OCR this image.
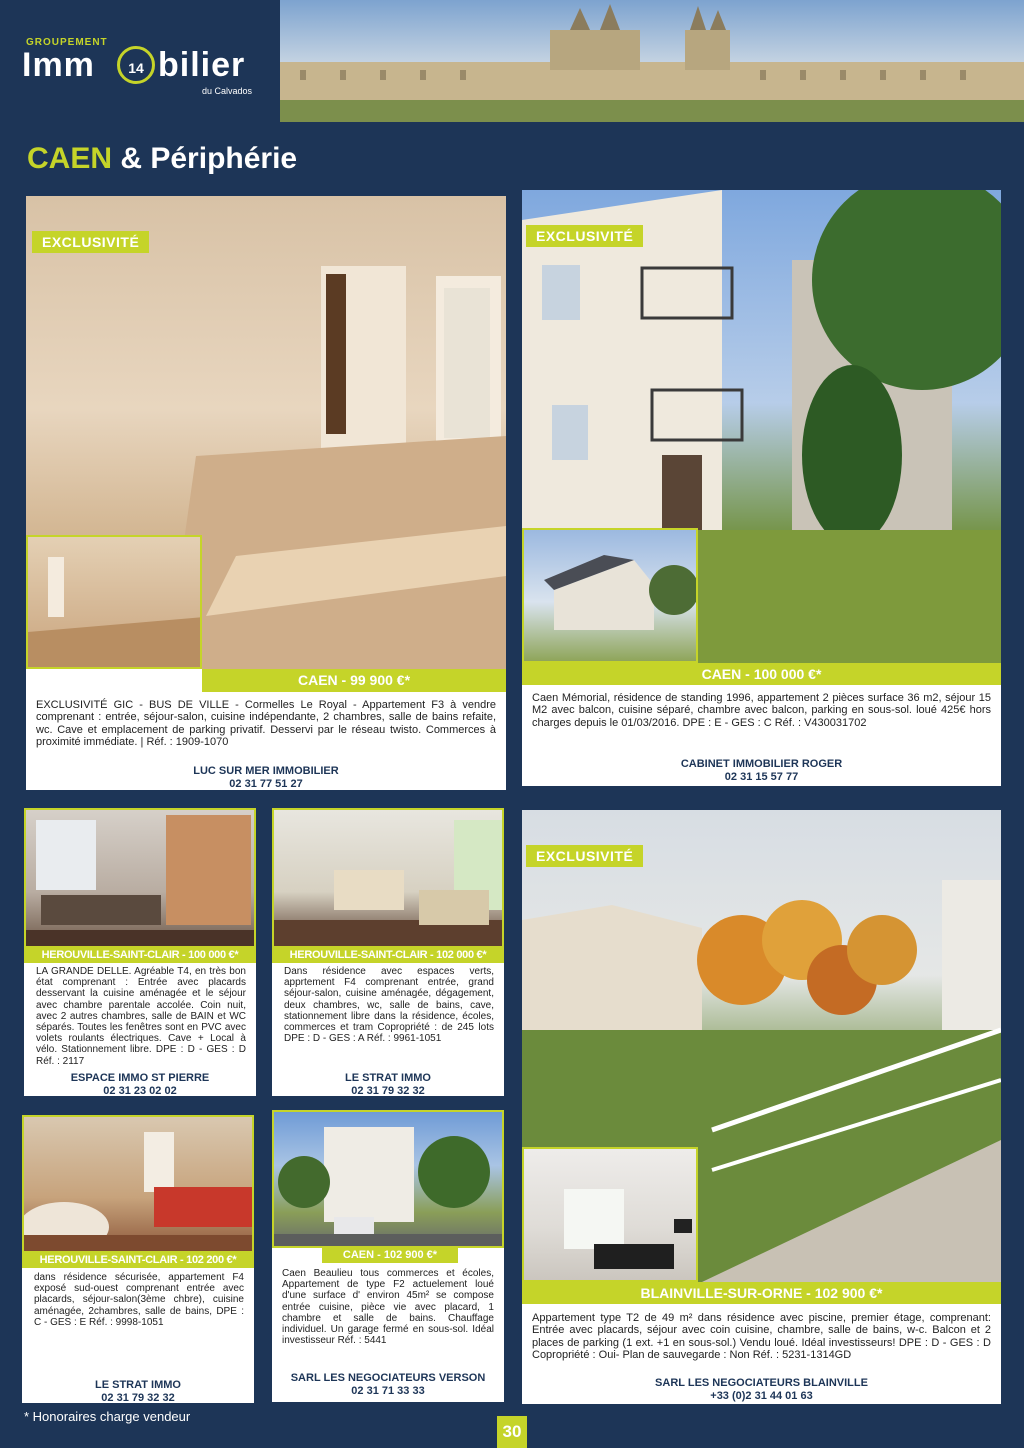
GROUPEMENT
Imm	14 bilier
du Calvados
CAEN & Périphérie
EXCLUSIVITÉ
CAEN - 99 900 €*
EXCLUSIVITÉ GIC - BUS DE VILLE - Cormelles Le Royal - Appartement F3 à vendre comprenant : entrée, séjour-salon, cuisine indépendante, 2 chambres, salle de bains refaite, wc. Cave et emplacement de parking privatif. Desservi par le réseau twisto. Commerces à proximité immédiate. | Réf. : 1909-1070
LUC SUR MER IMMOBILIER
02 31 77 51 27
EXCLUSIVITÉ
CAEN - 100 000 €*
Caen Mémorial, résidence de standing 1996, appartement 2 pièces surface 36 m2, séjour 15 M2 avec balcon, cuisine séparé, chambre avec balcon, parking en sous-sol. loué 425€ hors charges depuis le 01/03/2016. DPE : E - GES : C Réf. : V430031702
CABINET IMMOBILIER ROGER
02 31 15 57 77
HEROUVILLE-SAINT-CLAIR - 100 000 €*
LA GRANDE DELLE. Agréable T4, en très bon état comprenant : Entrée avec placards desservant la cuisine aménagée et le séjour avec chambre parentale accolée. Coin nuit, avec 2 autres chambres, salle de BAIN et WC séparés. Toutes les fenêtres sont en PVC avec volets roulants électriques. Cave + Local à vélo. Stationnement libre. DPE : D - GES : D Réf. : 2117
ESPACE IMMO ST PIERRE
02 31 23 02 02
HEROUVILLE-SAINT-CLAIR - 102 000 €*
Dans résidence avec espaces verts, apprtement F4 comprenant entrée, grand séjour-salon, cuisine aménagée, dégagement, deux chambres, wc, salle de bains, cave, stationnement libre dans la résidence, écoles, commerces et tram Copropriété : de 245 lots DPE : D - GES : A Réf. : 9961-1051
LE STRAT IMMO
02 31 79 32 32
EXCLUSIVITÉ
BLAINVILLE-SUR-ORNE - 102 900 €*
Appartement type T2 de 49 m² dans résidence avec piscine, premier étage, comprenant: Entrée avec placards, séjour avec coin cuisine, chambre, salle de bains, w-c. Balcon et 2 places de parking (1 ext. +1 en sous-sol.) Vendu loué. Idéal investisseurs! DPE : D - GES : D Copropriété : Oui- Plan de sauvegarde : Non Réf. : 5231-1314GD
SARL LES NEGOCIATEURS BLAINVILLE
+33 (0)2 31 44 01 63
HEROUVILLE-SAINT-CLAIR - 102 200 €*
dans résidence sécurisée, appartement F4 exposé sud-ouest comprenant entrée avec placards, séjour-salon(3ème chbre), cuisine aménagée, 2chambres, salle de bains, DPE : C - GES : E Réf. : 9998-1051
LE STRAT IMMO
02 31 79 32 32
CAEN - 102 900 €*
Caen Beaulieu tous commerces et écoles, Appartement de type F2 actuelement loué d'une surface d' environ 45m² se compose entrée cuisine, pièce vie avec placard, 1 chambre et salle de bains. Chauffage individuel. Un garage fermé en sous-sol. Idéal investisseur Réf. : 5441
SARL LES NEGOCIATEURS VERSON
02 31 71 33 33
* Honoraires charge vendeur
30
